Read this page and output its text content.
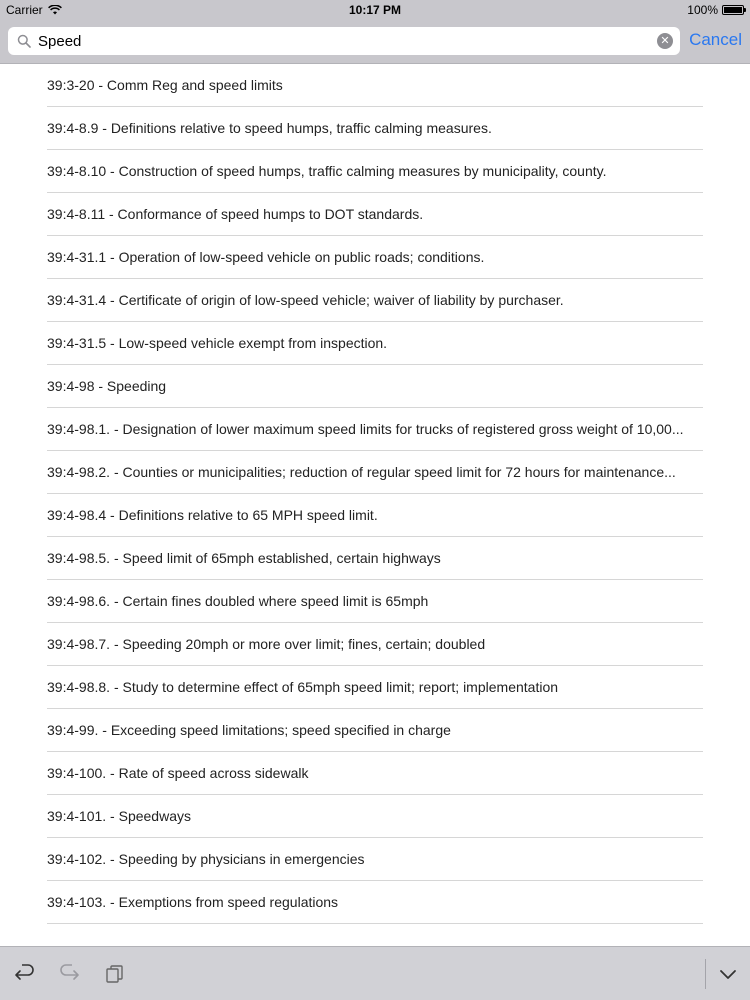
Carrier	10:17 PM	100%
Speed
✕ Cancel
39:3-20 - Comm Reg and speed limits
39:4-8.9 - Definitions relative to speed humps, traffic calming measures.
39:4-8.10 - Construction of speed humps, traffic calming measures by municipality, county.
39:4-8.11 - Conformance of speed humps to DOT standards.
39:4-31.1 - Operation of low-speed vehicle on public roads; conditions.
39:4-31.4 - Certificate of origin of low-speed vehicle; waiver of liability by purchaser.
39:4-31.5 - Low-speed vehicle exempt from inspection.
39:4-98 - Speeding
39:4-98.1. - Designation of lower maximum speed limits for trucks of registered gross weight of 10,00...
39:4-98.2. - Counties or municipalities; reduction of regular speed limit for 72 hours for maintenance...
39:4-98.4 - Definitions relative to 65 MPH speed limit.
39:4-98.5. - Speed limit of 65mph established, certain highways
39:4-98.6. - Certain fines doubled where speed limit is 65mph
39:4-98.7. - Speeding 20mph or more over limit; fines, certain; doubled
39:4-98.8. - Study to determine effect of 65mph speed limit; report; implementation
39:4-99. - Exceeding speed limitations; speed specified in charge
39:4-100. - Rate of speed across sidewalk
39:4-101. - Speedways
39:4-102. - Speeding by physicians in emergencies
39:4-103. - Exemptions from speed regulations
